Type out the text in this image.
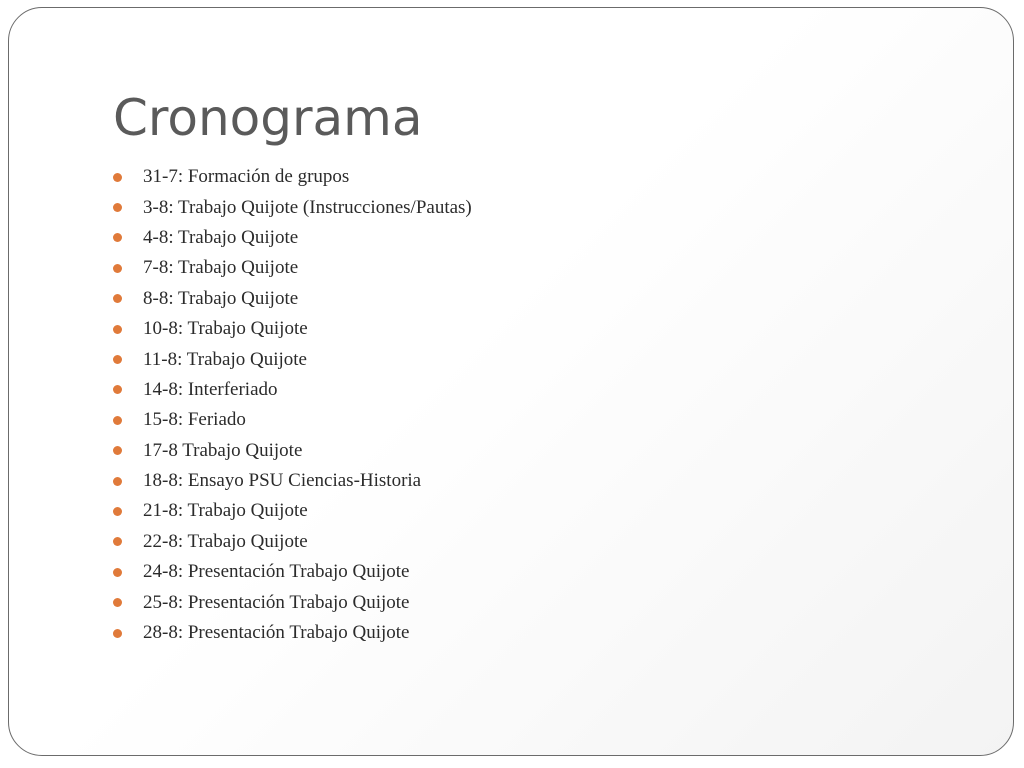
Cronograma
31-7: Formación de grupos
3-8: Trabajo Quijote (Instrucciones/Pautas)
4-8: Trabajo Quijote
7-8: Trabajo Quijote
8-8: Trabajo Quijote
10-8: Trabajo Quijote
11-8: Trabajo Quijote
14-8: Interferiado
15-8: Feriado
17-8 Trabajo Quijote
18-8: Ensayo PSU Ciencias-Historia
21-8: Trabajo Quijote
22-8: Trabajo Quijote
24-8: Presentación Trabajo Quijote
25-8: Presentación Trabajo Quijote
28-8: Presentación Trabajo Quijote
